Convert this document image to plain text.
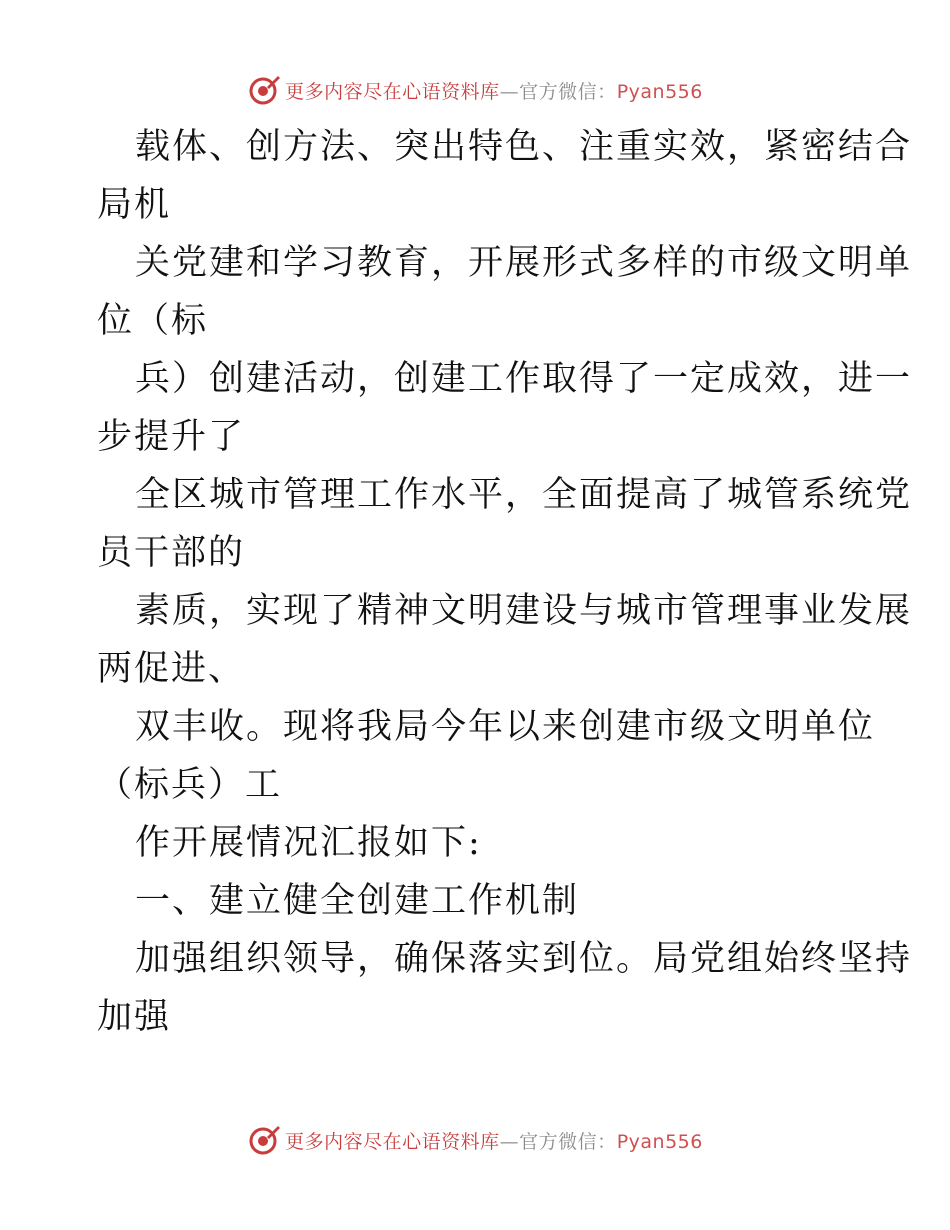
更多内容尽在心语资料库—官方微信：Pyan556
载体、创方法、突出特色、注重实效，紧密结合
局机
关党建和学习教育，开展形式多样的市级文明单
位（标
兵）创建活动，创建工作取得了一定成效，进一
步提升了
全区城市管理工作水平，全面提高了城管系统党
员干部的
素质，实现了精神文明建设与城市管理事业发展
两促进、
双丰收。现将我局今年以来创建市级文明单位
（标兵）工
作开展情况汇报如下:
一、建立健全创建工作机制
加强组织领导，确保落实到位。局党组始终坚持
加强
更多内容尽在心语资料库—官方微信：Pyan556
